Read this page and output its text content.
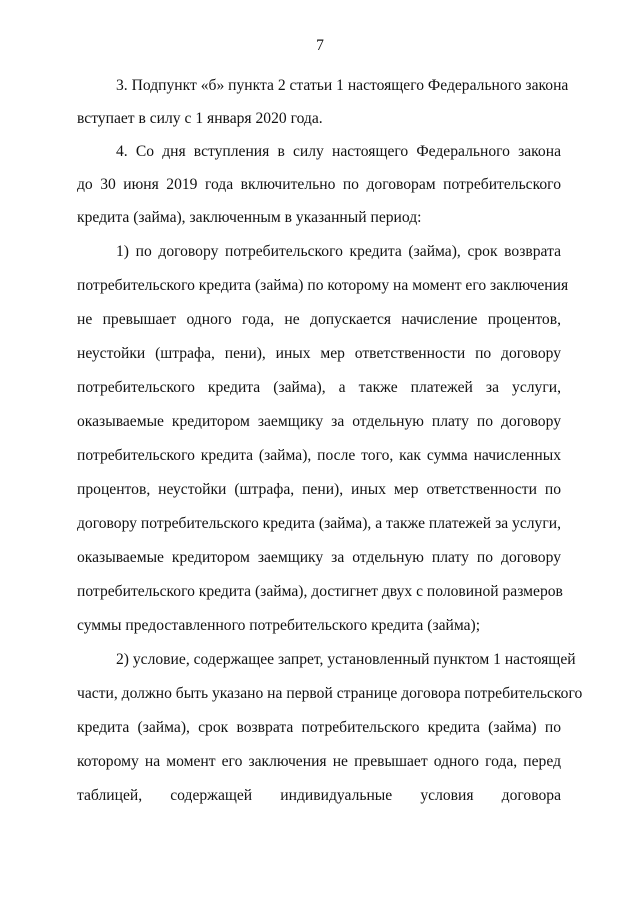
7
3. Подпункт «б» пункта 2 статьи 1 настоящего Федерального закона
вступает в силу с 1 января 2020 года.
4. Со дня вступления в силу настоящего Федерального закона
до 30 июня 2019 года включительно по договорам потребительского
кредита (займа), заключенным в указанный период:
1) по договору потребительского кредита (займа), срок возврата
потребительского кредита (займа) по которому на момент его заключения
не превышает одного года, не допускается начисление процентов,
неустойки (штрафа, пени), иных мер ответственности по договору
потребительского кредита (займа), а также платежей за услуги,
оказываемые кредитором заемщику за отдельную плату по договору
потребительского кредита (займа), после того, как сумма начисленных
процентов, неустойки (штрафа, пени), иных мер ответственности по
договору потребительского кредита (займа), а также платежей за услуги,
оказываемые кредитором заемщику за отдельную плату по договору
потребительского кредита (займа), достигнет двух с половиной размеров
суммы предоставленного потребительского кредита (займа);
2) условие, содержащее запрет, установленный пунктом 1 настоящей
части, должно быть указано на первой странице договора потребительского
кредита (займа), срок возврата потребительского кредита (займа) по
которому на момент его заключения не превышает одного года, перед
таблицей, содержащей индивидуальные условия договора
